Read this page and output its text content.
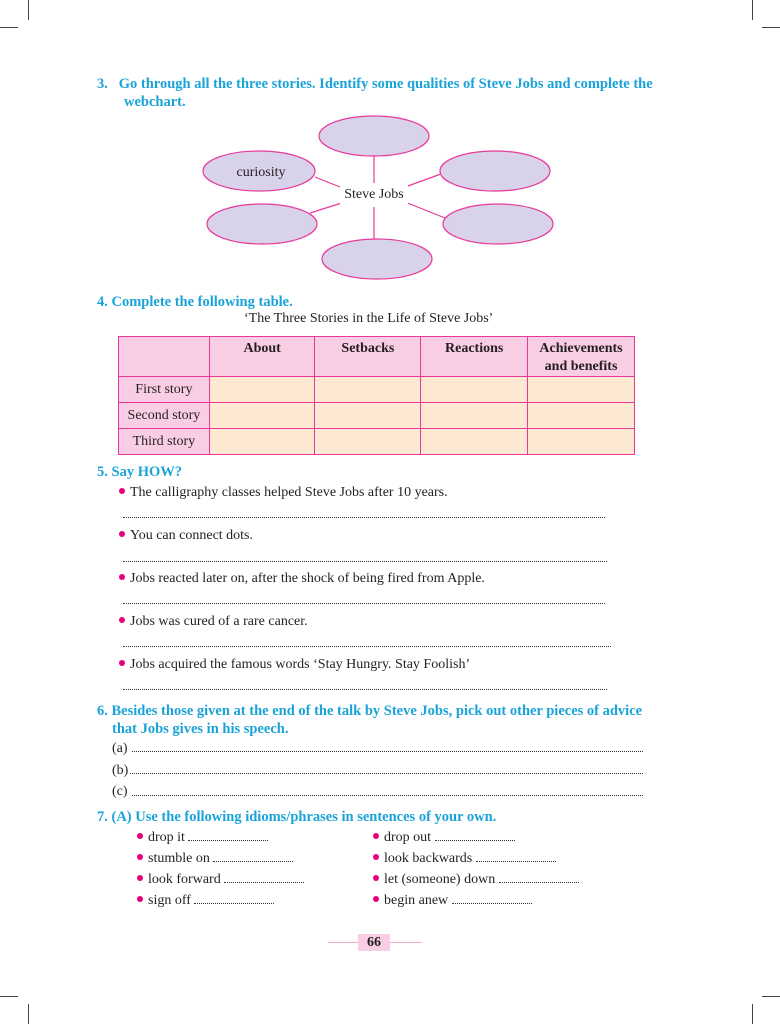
3.   Go through all the three stories. Identify some qualities of Steve Jobs and complete the
webchart.
Steve Jobs
curiosity
4. Complete the following table.
‘The Three Stories in the Life of Steve Jobs’
	About	Setbacks	Reactions	Achievements and benefits
First story				
Second story				
Third story				
5. Say HOW?
The calligraphy classes helped Steve Jobs after 10 years.
You can connect dots.
Jobs reacted later on, after the shock of being fired from Apple.
Jobs was cured of a rare cancer.
Jobs acquired the famous words ‘Stay Hungry. Stay Foolish’
6. Besides those given at the end of the talk by Steve Jobs, pick out other pieces of advice
that Jobs gives in his speech.
(a)
(b)
(c)
7. (A) Use the following idioms/phrases in sentences of your own.
drop it
stumble on
look forward
sign off
drop out
look backwards
let (someone) down
begin anew
66
